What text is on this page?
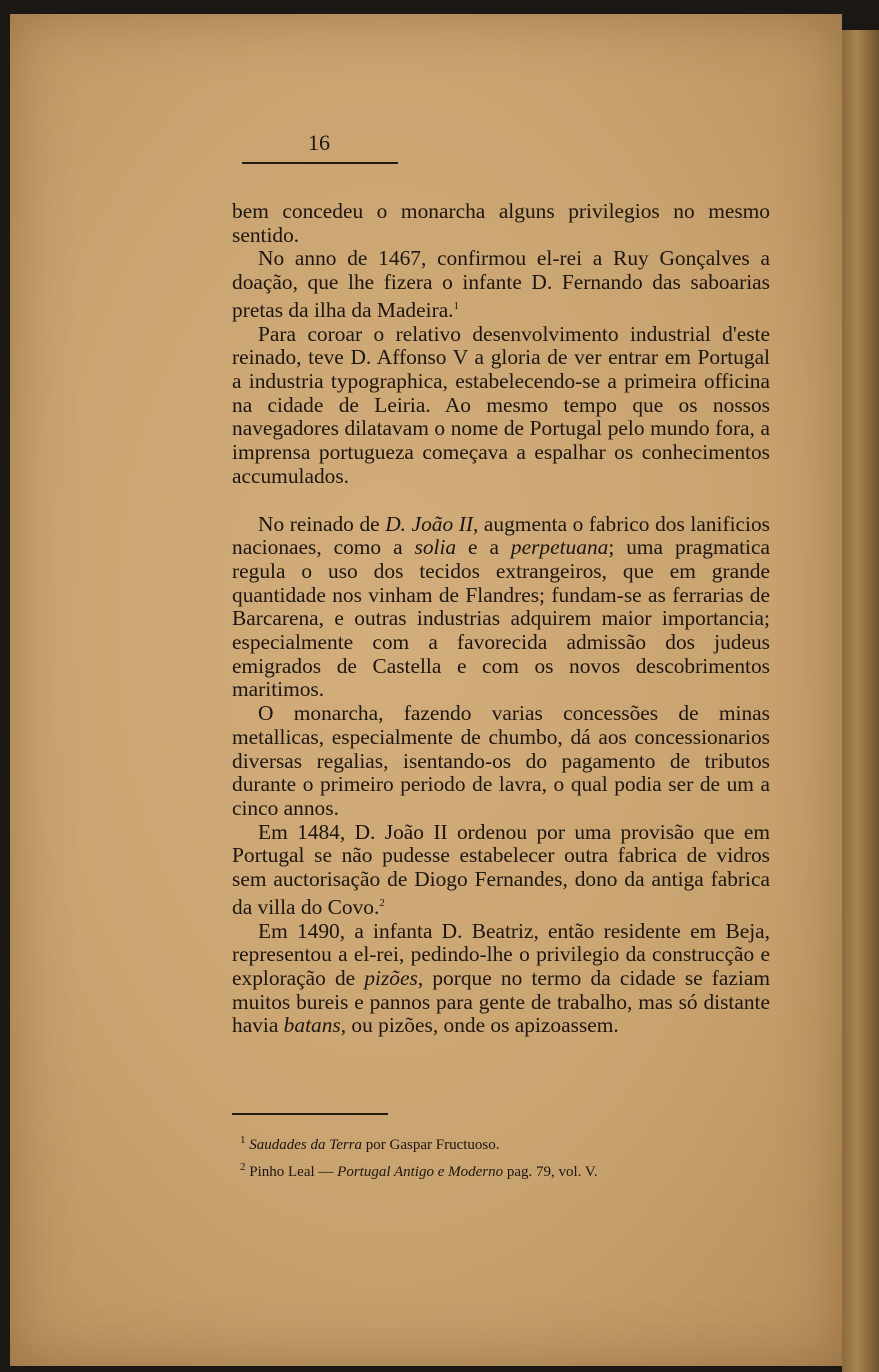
16

bem concedeu o monarcha alguns privilegios no mesmo sentido.

No anno de 1467, confirmou el-rei a Ruy Gonçalves a doação, que lhe fizera o infante D. Fernando das saboarias pretas da ilha da Madeira.$^1$

Para coroar o relativo desenvolvimento industrial d'este reinado, teve D. Affonso V a gloria de ver entrar em Portugal a industria typographica, estabelecendo-se a primeira officina na cidade de Leiria. Ao mesmo tempo que os nossos navegadores dilatavam o nome de Portugal pelo mundo fora, a imprensa portugueza começava a espalhar os conhecimentos accumulados.

No reinado de D. João II, augmenta o fabrico dos lanificios nacionaes, como a solia e a perpetuana; uma pragmatica regula o uso dos tecidos extrangeiros, que em grande quantidade nos vinham de Flandres; fundam-se as ferrarias de Barcarena, e outras industrias adquirem maior importancia; especialmente com a favorecida admissão dos judeus emigrados de Castella e com os novos descobrimentos maritimos.

O monarcha, fazendo varias concessões de minas metallicas, especialmente de chumbo, dá aos concessionarios diversas regalias, isentando-os do pagamento de tributos durante o primeiro periodo de lavra, o qual podia ser de um a cinco annos.

Em 1484, D. João II ordenou por uma provisão que em Portugal se não pudesse estabelecer outra fabrica de vidros sem auctorisação de Diogo Fernandes, dono da antiga fabrica da villa do Covo.$^2$

Em 1490, a infanta D. Beatriz, então residente em Beja, representou a el-rei, pedindo-lhe o privilegio da construcção e exploração de pizões, porque no termo da cidade se faziam muitos bureis e pannos para gente de trabalho, mas só distante havia batans, ou pizões, onde os apizoassem.

$^1$ Saudades da Terra por Gaspar Fructuoso.
$^2$ Pinho Leal — Portugal Antigo e Moderno pag. 79, vol. V.
